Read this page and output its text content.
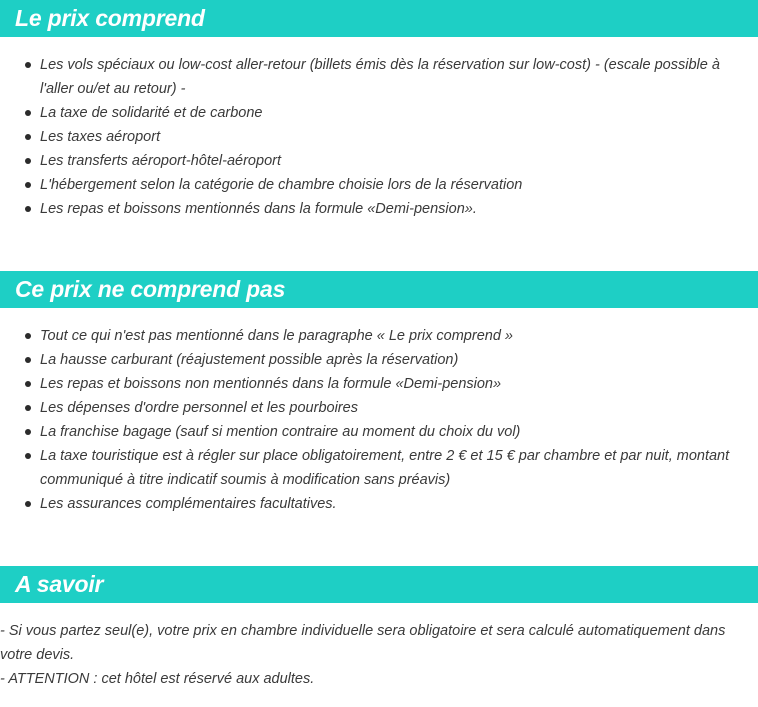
Le prix comprend
Les vols spéciaux ou low-cost aller-retour (billets émis dès la réservation sur low-cost) - (escale possible à l'aller ou/et au retour) -
La taxe de solidarité et de carbone
Les taxes aéroport
Les transferts aéroport-hôtel-aéroport
L'hébergement selon la catégorie de chambre choisie lors de la réservation
Les repas et boissons mentionnés dans la formule «Demi-pension».
Ce prix ne comprend pas
Tout ce qui n'est pas mentionné dans le paragraphe « Le prix comprend »
La hausse carburant (réajustement possible après la réservation)
Les repas et boissons non mentionnés dans la formule «Demi-pension»
Les dépenses d'ordre personnel et les pourboires
La franchise bagage (sauf si mention contraire au moment du choix du vol)
La taxe touristique est à régler sur place obligatoirement, entre 2 € et 15 € par chambre et par nuit, montant communiqué à titre indicatif soumis à modification sans préavis)
Les assurances complémentaires facultatives.
A savoir

- Si vous partez seul(e), votre prix en chambre individuelle sera obligatoire et sera calculé automatiquement dans votre devis.

- ATTENTION : cet hôtel est réservé aux adultes.
